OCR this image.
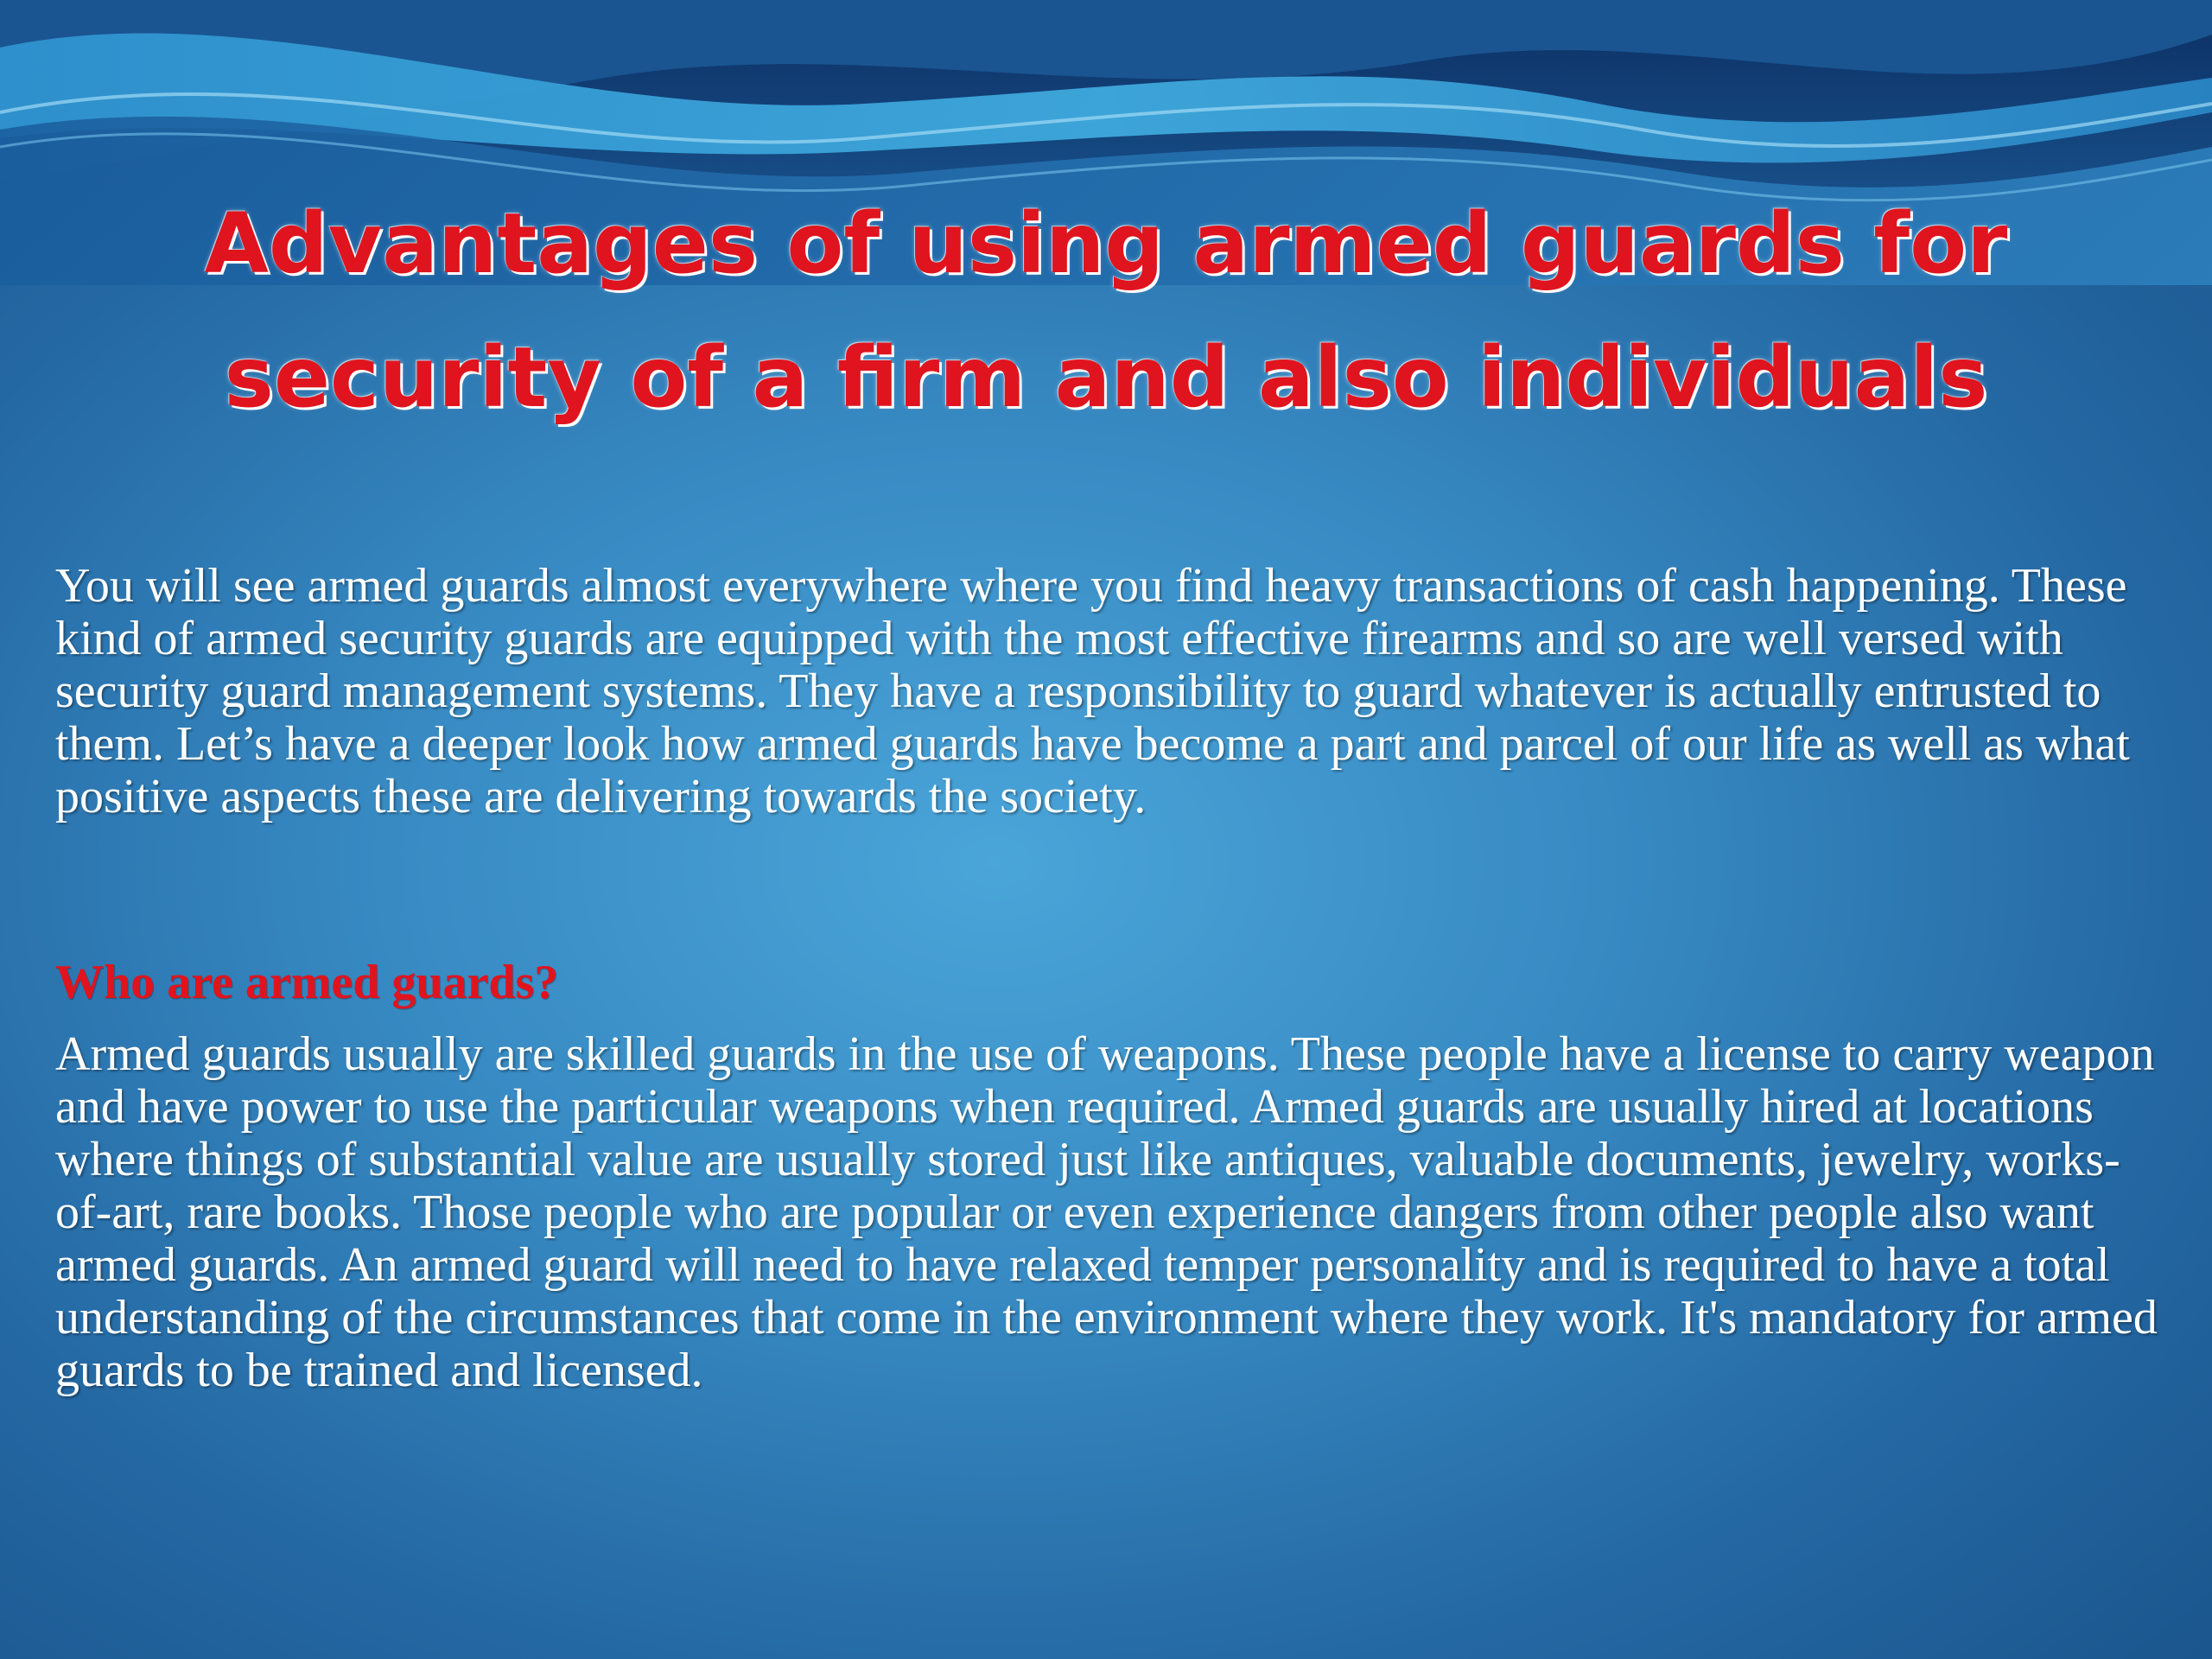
Advantages of using armed guards for security of a firm and also individuals

You will see armed guards almost everywhere where you find heavy transactions of cash happening. These kind of armed security guards are equipped with the most effective firearms and so are well versed with security guard management systems. They have a responsibility to guard whatever is actually entrusted to them. Let’s have a deeper look how armed guards have become a part and parcel of our life as well as what positive aspects these are delivering towards the society.

Who are armed guards?

Armed guards usually are skilled guards in the use of weapons. These people have a license to carry weapon and have power to use the particular weapons when required. Armed guards are usually hired at locations where things of substantial value are usually stored just like antiques, valuable documents, jewelry, works-of-art, rare books. Those people who are popular or even experience dangers from other people also want armed guards. An armed guard will need to have relaxed temper personality and is required to have a total understanding of the circumstances that come in the environment where they work. It's mandatory for armed guards to be trained and licensed.
